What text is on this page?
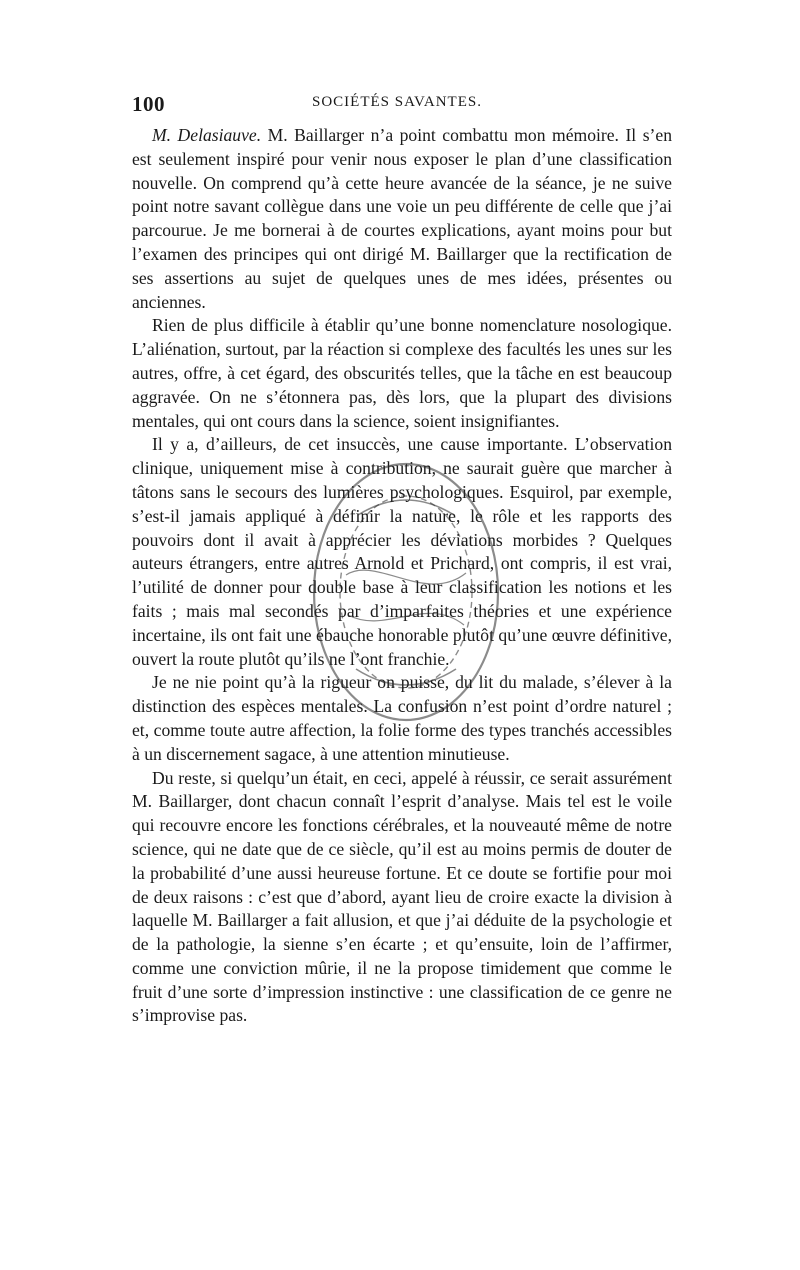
100	SOCIÉTÉS SAVANTES.

M. Delasiauve. M. Baillarger n’a point combattu mon mémoire. Il s’en est seulement inspiré pour venir nous exposer le plan d’une classification nouvelle. On comprend qu’à cette heure avancée de la séance, je ne suive point notre savant collègue dans une voie un peu différente de celle que j’ai parcourue. Je me bornerai à de courtes explications, ayant moins pour but l’examen des principes qui ont dirigé M. Baillarger que la rectification de ses assertions au sujet de quelques unes de mes idées, présentes ou anciennes.

Rien de plus difficile à établir qu’une bonne nomenclature nosologique. L’aliénation, surtout, par la réaction si complexe des facultés les unes sur les autres, offre, à cet égard, des obscurités telles, que la tâche en est beaucoup aggravée. On ne s’étonnera pas, dès lors, que la plupart des divisions mentales, qui ont cours dans la science, soient insignifiantes.

Il y a, d’ailleurs, de cet insuccès, une cause importante. L’observation clinique, uniquement mise à contribution, ne saurait guère que marcher à tâtons sans le secours des lumières psychologiques. Esquirol, par exemple, s’est-il jamais appliqué à définir la nature, le rôle et les rapports des pouvoirs dont il avait à apprécier les déviations morbides ? Quelques auteurs étrangers, entre autres Arnold et Prichard, ont compris, il est vrai, l’utilité de donner pour double base à leur classification les notions et les faits ; mais mal secondés par d’imparfaites théories et une expérience incertaine, ils ont fait une ébauche honorable plutôt qu’une œuvre définitive, ouvert la route plutôt qu’ils ne l’ont franchie.

Je ne nie point qu’à la rigueur on puisse, du lit du malade, s’élever à la distinction des espèces mentales. La confusion n’est point d’ordre naturel ; et, comme toute autre affection, la folie forme des types tranchés accessibles à un discernement sagace, à une attention minutieuse.

Du reste, si quelqu’un était, en ceci, appelé à réussir, ce serait assurément M. Baillarger, dont chacun connaît l’esprit d’analyse. Mais tel est le voile qui recouvre encore les fonctions cérébrales, et la nouveauté même de notre science, qui ne date que de ce siècle, qu’il est au moins permis de douter de la probabilité d’une aussi heureuse fortune. Et ce doute se fortifie pour moi de deux raisons : c’est que d’abord, ayant lieu de croire exacte la division à laquelle M. Baillarger a fait allusion, et que j’ai déduite de la psychologie et de la pathologie, la sienne s’en écarte ; et qu’ensuite, loin de l’affirmer, comme une conviction mûrie, il ne la propose timidement que comme le fruit d’une sorte d’impression instinctive : une classification de ce genre ne s’improvise pas.
